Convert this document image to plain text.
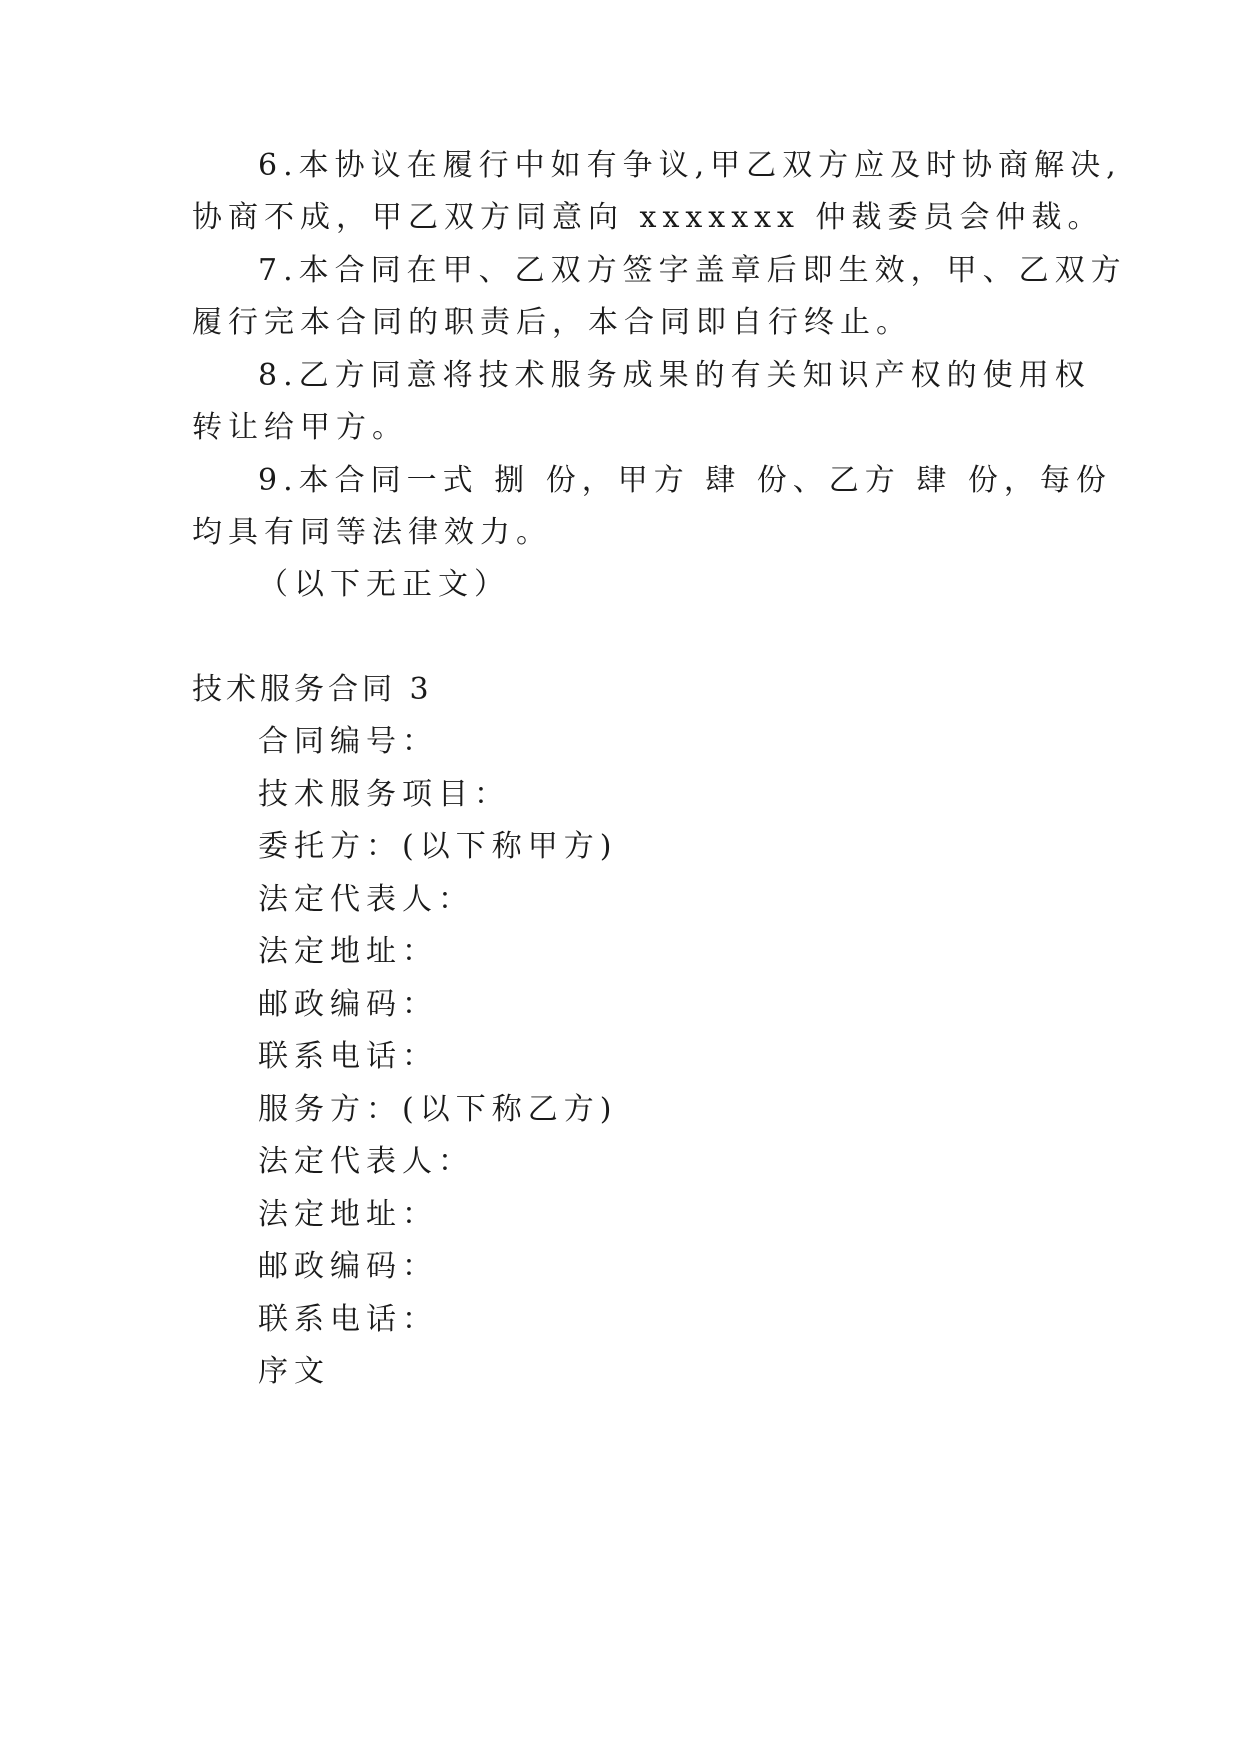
6.本协议在履行中如有争议,甲乙双方应及时协商解决,
协商不成，甲乙双方同意向 xxxxxxx 仲裁委员会仲裁。
7.本合同在甲、乙双方签字盖章后即生效，甲、乙双方
履行完本合同的职责后，本合同即自行终止。
8.乙方同意将技术服务成果的有关知识产权的使用权
转让给甲方。
9.本合同一式 捌 份，甲方 肆 份、乙方 肆 份，每份
均具有同等法律效力。
（以下无正文）
技术服务合同 3
合同编号：
技术服务项目：
委托方：(以下称甲方)
法定代表人：
法定地址：
邮政编码：
联系电话：
服务方：(以下称乙方)
法定代表人：
法定地址：
邮政编码：
联系电话：
序文
